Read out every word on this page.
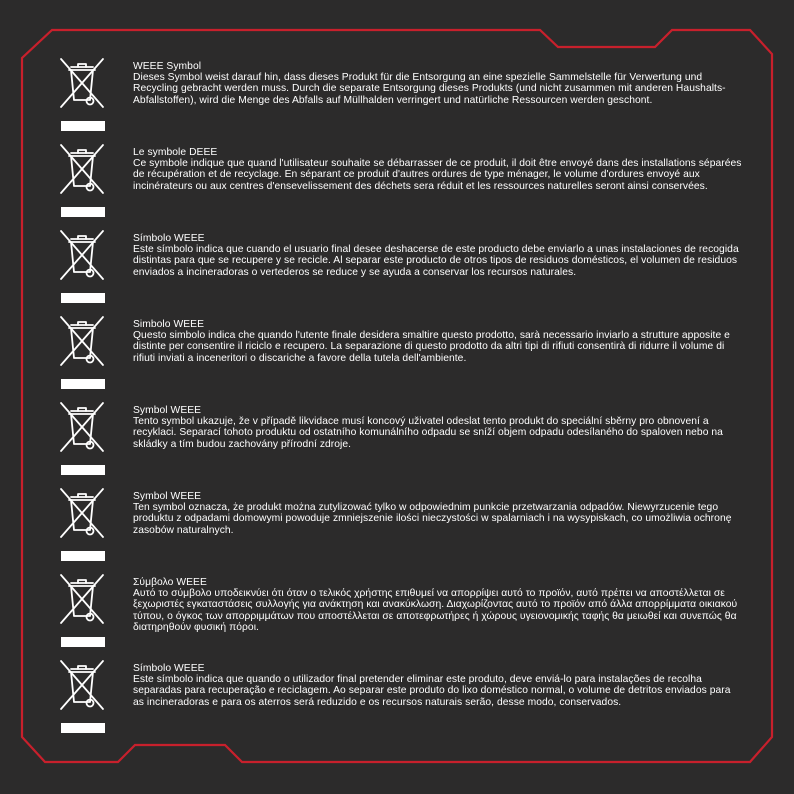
WEEE Symbol
Dieses Symbol weist darauf hin, dass dieses Produkt für die Entsorgung an eine spezielle Sammelstelle für Verwertung und Recycling gebracht werden muss. Durch die separate Entsorgung dieses Produkts (und nicht zusammen mit anderen Haushalts-Abfallstoffen), wird die Menge des Abfalls auf Müllhalden verringert und natürliche Ressourcen werden geschont.
Le symbole DEEE
Ce symbole indique que quand l'utilisateur souhaite se débarrasser de ce produit, il doit être envoyé dans des installations séparées de récupération et de recyclage. En séparant ce produit d'autres ordures de type ménager, le volume d'ordures envoyé aux incinérateurs ou aux centres d'ensevelissement des déchets sera réduit et les ressources naturelles seront ainsi conservées.
Símbolo WEEE
Este símbolo indica que cuando el usuario final desee deshacerse de este producto debe enviarlo a unas instalaciones de recogida distintas para que se recupere y se recicle. Al separar este producto de otros tipos de residuos domésticos, el volumen de residuos enviados a incineradoras o vertederos se reduce y se ayuda a conservar los recursos naturales.
Simbolo WEEE
Questo simbolo indica che quando l'utente finale desidera smaltire questo prodotto, sarà necessario inviarlo a strutture apposite e distinte per consentire il riciclo e recupero. La separazione di questo prodotto da altri tipi di rifiuti consentirà di ridurre il volume di rifiuti inviati a inceneritori o discariche a favore della tutela dell'ambiente.
Symbol WEEE
Tento symbol ukazuje, že v případě likvidace musí koncový uživatel odeslat tento produkt do speciální sběrny pro obnovení a recyklaci. Separací tohoto produktu od ostatního komunálního odpadu se sníží objem odpadu odesílaného do spaloven nebo na skládky a tím budou zachovány přírodní zdroje.
Symbol WEEE
Ten symbol oznacza, że produkt można zutylizować tylko w odpowiednim punkcie przetwarzania odpadów. Niewyrzucenie tego produktu z odpadami domowymi powoduje zmniejszenie ilości nieczystości w spalarniach i na wysypiskach, co umożliwia ochronę zasobów naturalnych.
Σύμβολο WEEE
Αυτό το σύμβολο υποδεικνύει ότι όταν ο τελικός χρήστης επιθυμεί να απορρίψει αυτό το προϊόν, αυτό πρέπει να αποστέλλεται σε ξεχωριστές εγκαταστάσεις συλλογής για ανάκτηση και ανακύκλωση. Διαχωρίζοντας αυτό το προϊόν από άλλα απορρίμματα οικιακού τύπου, ο όγκος των απορριμμάτων που αποστέλλεται σε αποτεφρωτήρες ή χώρους υγειονομικής ταφής θα μειωθεί και συνεπώς θα διατηρηθούν φυσική πόροι.
Símbolo WEEE
Este símbolo indica que quando o utilizador final pretender eliminar este produto, deve enviá-lo para instalações de recolha separadas para recuperação e reciclagem. Ao separar este produto do lixo doméstico normal, o volume de detritos enviados para as incineradoras e para os aterros será reduzido e os recursos naturais serão, desse modo, conservados.
